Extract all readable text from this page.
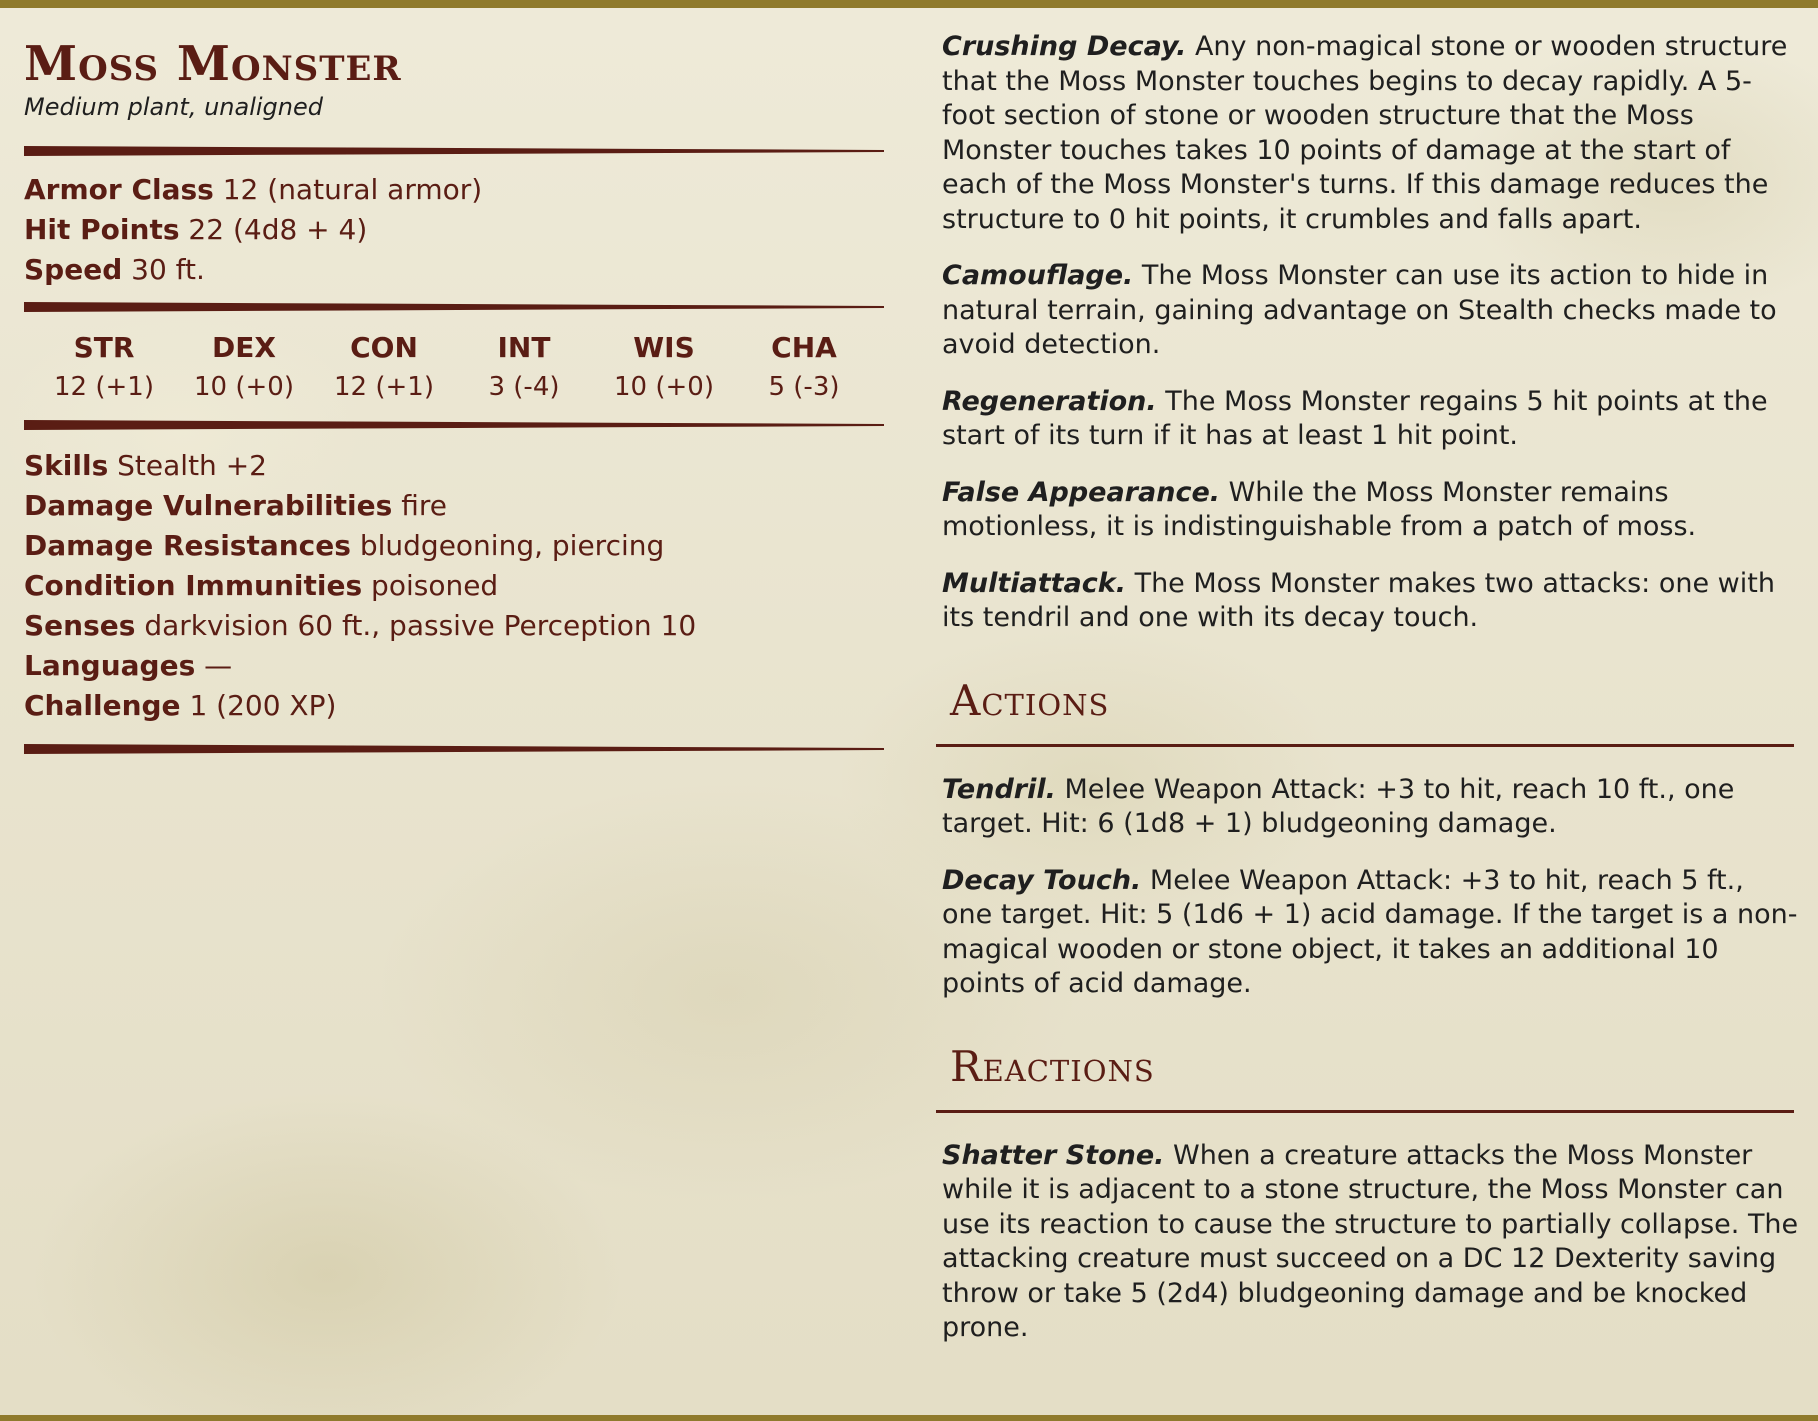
Moss Monster
Medium plant, unaligned
Armor Class 12 (natural armor)
Hit Points 22 (4d8 + 4)
Speed 30 ft.
STR
12 (+1)
DEX
10 (+0)
CON
12 (+1)
INT
3 (-4)
WIS
10 (+0)
CHA
5 (-3)
Skills Stealth +2
Damage Vulnerabilities fire
Damage Resistances bludgeoning, piercing
Condition Immunities poisoned
Senses darkvision 60 ft., passive Perception 10
Languages —
Challenge 1 (200 XP)
Crushing Decay. Any non-magical stone or wooden structure that the Moss Monster touches begins to decay rapidly. A 5-foot section of stone or wooden structure that the Moss Monster touches takes 10 points of damage at the start of each of the Moss Monster's turns. If this damage reduces the structure to 0 hit points, it crumbles and falls apart.
Camouflage. The Moss Monster can use its action to hide in natural terrain, gaining advantage on Stealth checks made to avoid detection.
Regeneration. The Moss Monster regains 5 hit points at the start of its turn if it has at least 1 hit point.
False Appearance. While the Moss Monster remains motionless, it is indistinguishable from a patch of moss.
Multiattack. The Moss Monster makes two attacks: one with its tendril and one with its decay touch.
Actions
Tendril. Melee Weapon Attack: +3 to hit, reach 10 ft., one target. Hit: 6 (1d8 + 1) bludgeoning damage.
Decay Touch. Melee Weapon Attack: +3 to hit, reach 5 ft., one target. Hit: 5 (1d6 + 1) acid damage. If the target is a non-magical wooden or stone object, it takes an additional 10 points of acid damage.
Reactions
Shatter Stone. When a creature attacks the Moss Monster while it is adjacent to a stone structure, the Moss Monster can use its reaction to cause the structure to partially collapse. The attacking creature must succeed on a DC 12 Dexterity saving throw or take 5 (2d4) bludgeoning damage and be knocked prone.
